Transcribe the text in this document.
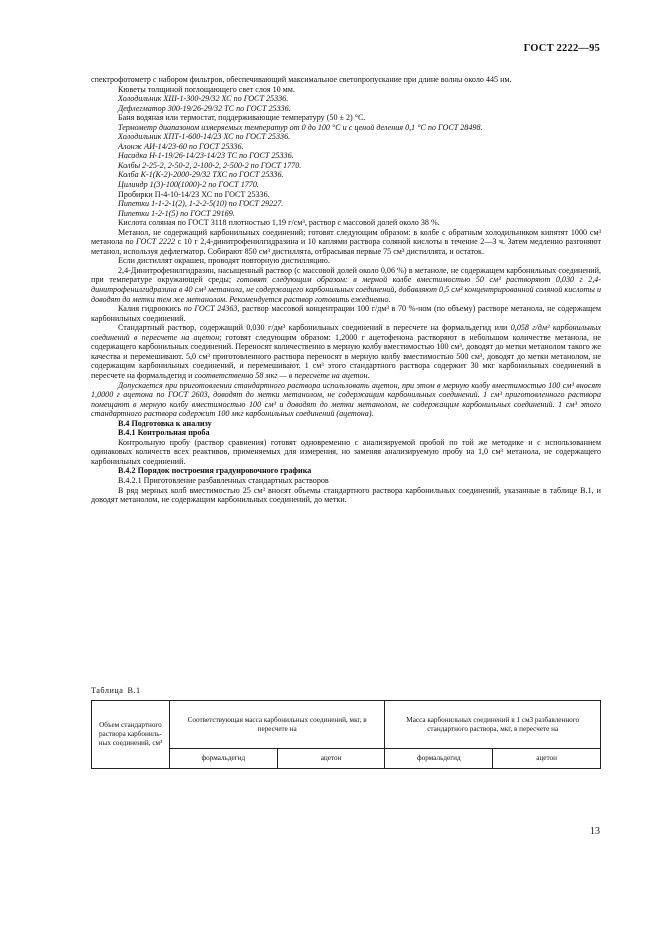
ГОСТ 2222—95

спектрофотометр с набором фильтров, обеспечивающий максимальное светопропускание при длине волны около 445 нм.

Кюветы толщиной поглощающего свет слоя 10 мм.

Холодильник ХШ-1-300-29/32 ХС по ГОСТ 25336.

Дефлегматор 300-19/26-29/32 ТС по ГОСТ 25336.

Баня водяная или термостат, поддерживающие температуру (50 ± 2) °С.

Термометр диапазоном измеряемых температур от 0 до 100 °С и с ценой деления 0,1 °С по ГОСТ 28498.

Холодильник ХПТ-1-600-14/23 ХС по ГОСТ 25336.

Алонж АИ-14/23-60 по ГОСТ 25336.

Насадка Н-1-19/26-14/23-14/23 ТС по ГОСТ 25336.

Колбы 2-25-2, 2-50-2, 2-100-2, 2-500-2 по ГОСТ 1770.

Колба К-1(К-2)-2000-29/32 ТХС по ГОСТ 25336.

Цилиндр 1(3)-100(1000)-2 по ГОСТ 1770.

Пробирки П-4-10-14/23 ХС по ГОСТ 25336.

Пипетки 1-1-2-1(2), 1-2-2-5(10) по ГОСТ 29227.

Пипетки 1-2-1(5) по ГОСТ 29169.

Кислота соляная по ГОСТ 3118 плотностью 1,19 г/см³, раствор с массовой долей около 38 %.

Метанол, не содержащий карбонильных соединений; готовят следующим образом: в колбе с обратным холодильником кипятят 1000 см³ метанола по ГОСТ 2222 с 10 г 2,4-динитрофенилгидразина и 10 каплями раствора соляной кислоты в течение 2—3 ч. Затем медленно разгоняют метанол, используя дефлегматор. Собирают 850 см³ дистиллята, отбрасывая первые 75 см³ дистиллята, и остаток.

Если дистиллят окрашен, проводят повторную дистилляцию.

2,4-Динитрофенилгидразин, насыщенный раствор (с массовой долей около 0,06 %) в метаноле, не содержащем карбонильных соединений, при температуре окружающей среды; готовят следующим образом: в мерной колбе вместимостью 50 см³ растворяют 0,030 г 2,4-динитрофенилгидразина в 40 см³ метанола, не содержащего карбонильных соединений, добавляют 0,5 см³ концентрированной соляной кислоты и доводят до метки тем же метанолом. Рекомендуется раствор готовить ежедневно.

Калия гидроокись по ГОСТ 24363, раствор массовой концентрации 100 г/дм³ в 70 %-ном (по объему) растворе метанола, не содержащем карбонильных соединений.

Стандартный раствор, содержащий 0,030 г/дм³ карбонильных соединений в пересчете на формальдегид или 0,058 г/дм³ карбонильных соединений в пересчете на ацетон; готовят следующим образом: 1,2000 г ацетофенона растворяют в небольшом количестве метанола, не содержащего карбонильных соединений. Переносят количественно в мерную колбу вместимостью 100 см³, доводят до метки метанолом такого же качества и перемешивают. 5,0 см³ приготовленного раствора переносят в мерную колбу вместимостью 500 см³, доводят до метки метанолом, не содержащим карбонильных соединений, и перемешивают. 1 см³ этого стандартного раствора содержит 30 мкг карбонильных соединений в пересчете на формальдегид и соответственно 58 мкг — в пересчете на ацетон.

Допускается при приготовлении стандартного раствора использовать ацетон, при этом в мерную колбу вместимостью 100 см³ вносят 1,0000 г ацетона по ГОСТ 2603, доводят до метки метанолом, не содержащим карбонильных соединений. 1 см³ приготовленного раствора помещают в мерную колбу вместимостью 100 см³ и доводят до метки метанолом, не содержащим карбонильных соединений. 1 см³ этого стандартного раствора содержит 100 мкг карбонильных соединений (ацетона).

В.4 Подготовка к анализу

В.4.1 Контрольная проба

Контрольную пробу (раствор сравнения) готовят одновременно с анализируемой пробой по той же методике и с использованием одинаковых количеств всех реактивов, применяемых для измерения, но заменяя анализируемую пробу на 1,0 см³ метанола, не содержащего карбонильных соединений.

В.4.2 Порядок построения градуировочного графика

В.4.2.1 Приготовление разбавленных стандартных растворов

В ряд мерных колб вместимостью 25 см³ вносят объемы стандартного раствора карбонильных соединений, указанные в таблице В.1, и доводят метанолом, не содержащим карбонильных соединений, до метки.

Таблица В.1
Объем стандартного раствора карбониль-ных соединений, см³	Соответствующая масса карбонильных соединений, мкг, в пересчете на		Масса карбонильных соединений в 1 см3 разбавленного стандартного раствора, мкг, в пересчете на	
	формальдегид	ацетон	формальдегид	ацетон
13
